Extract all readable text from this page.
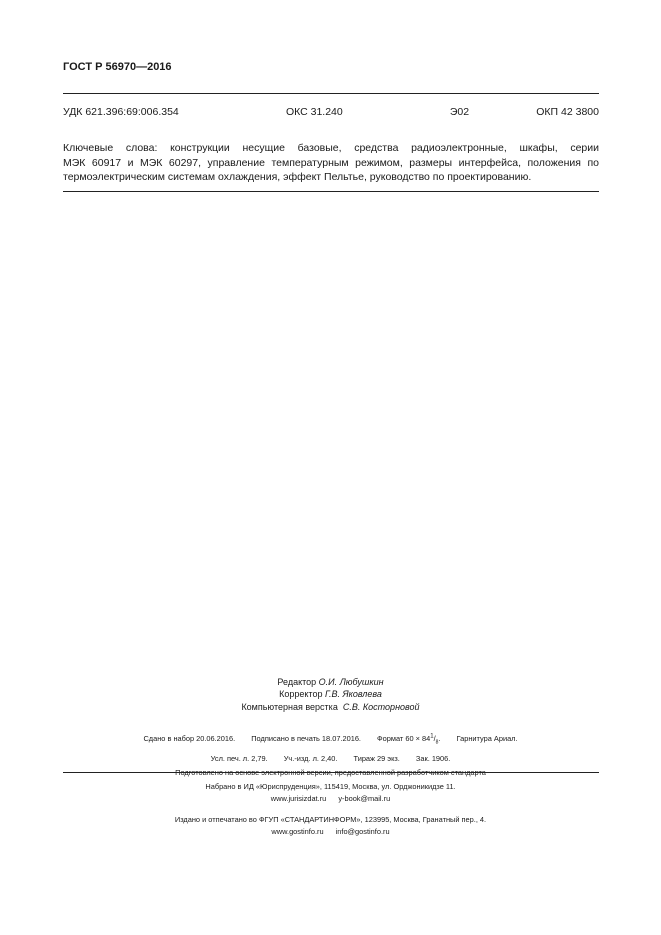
ГОСТ Р 56970—2016
УДК 621.396:69:006.354	ОКС 31.240	Э02	ОКП 42 3800
Ключевые слова: конструкции несущие базовые, средства радиоэлектронные, шкафы, серии
МЭК 60917 и МЭК 60297, управление температурным режимом, размеры интерфейса, положения по
термоэлектрическим системам охлаждения, эффект Пельтье, руководство по проектированию.
Редактор О.И. Любушкин
Корректор Г.В. Яковлева
Компьютерная верстка С.В. Косторновой
Сдано в набор 20.06.2016. Подписано в печать 18.07.2016. Формат $60 \times 84^1/_8$. Гарнитура Ариал.
Усл. печ. л. 2,79. Уч.-изд. л. 2,40. Тираж 29 экз. Зак. 1906.
Набрано в ИД «Юриспруденция», 115419, Москва, ул. Орджоникидзе 11.
www.jurisizdat.ru y-book@mail.ru
Издано и отпечатано во ФГУП «СТАНДАРТИНФОРМ», 123995, Москва, Гранатный пер., 4.
www.gostinfo.ru info@gostinfo.ru
